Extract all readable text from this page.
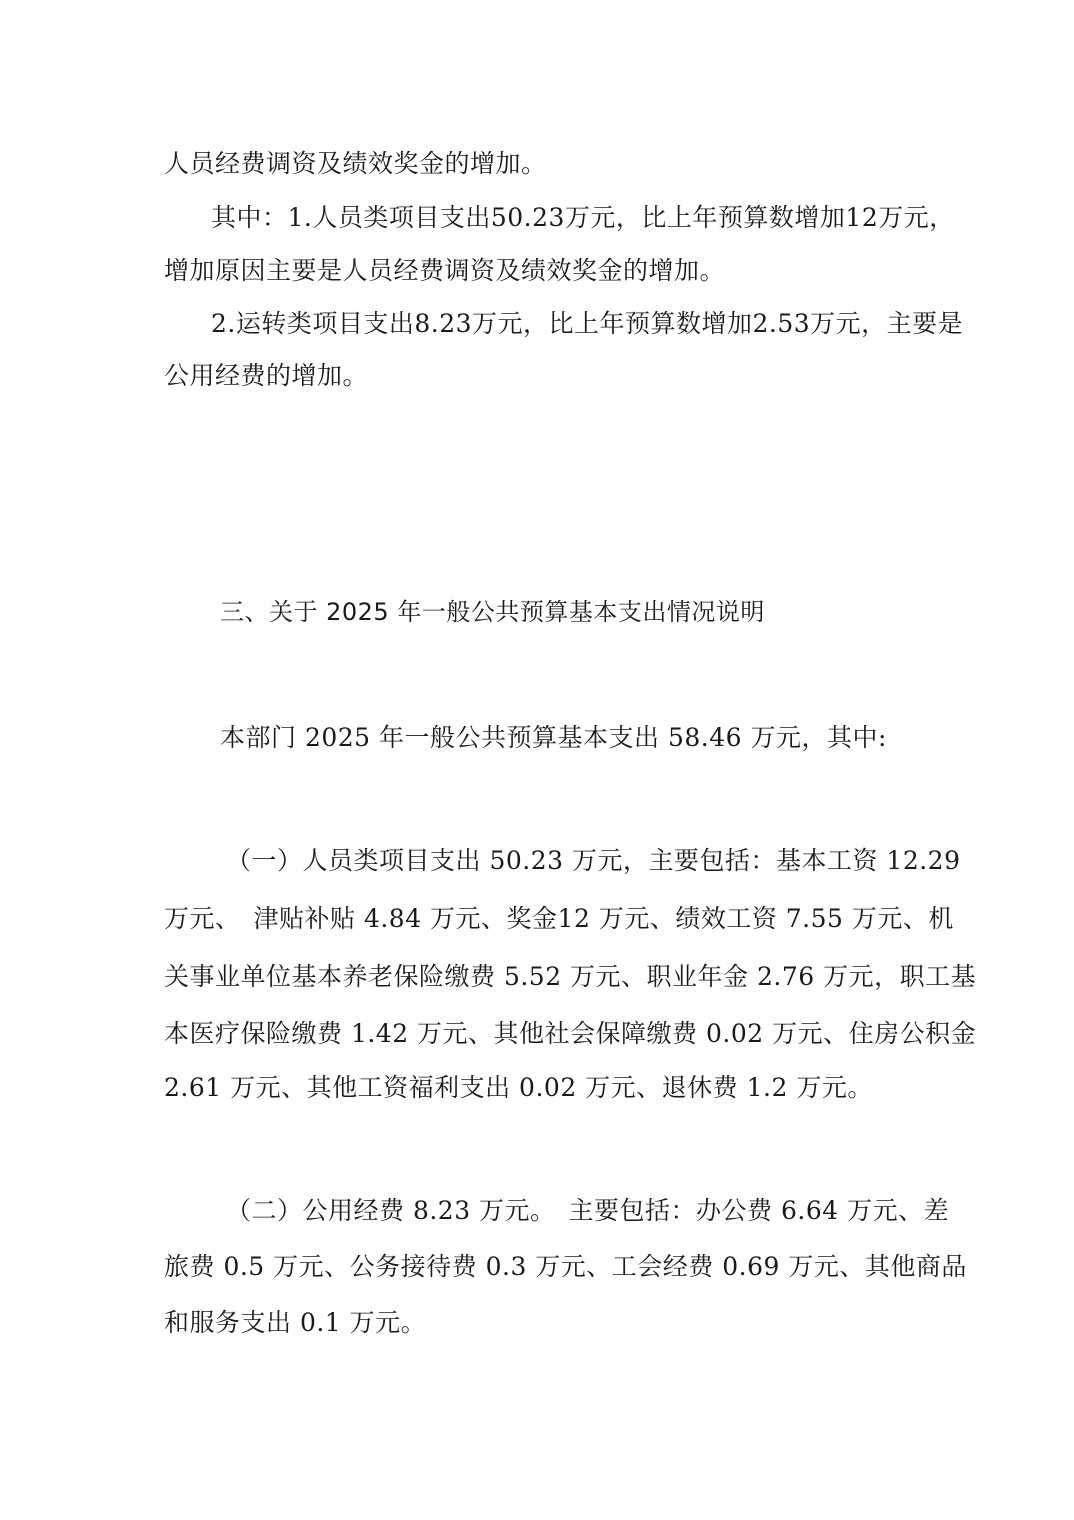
人员经费调资及绩效奖金的增加。
其中：1.人员类项目支出50.23万元，比上年预算数增加12万元，
增加原因主要是人员经费调资及绩效奖金的增加。
2.运转类项目支出8.23万元，比上年预算数增加2.53万元，主要是
公用经费的增加。
三、关于 2025 年一般公共预算基本支出情况说明
本部门 2025 年一般公共预算基本支出 58.46 万元，其中:
（一）人员类项目支出 50.23 万元，主要包括：基本工资 12.29
万元、　津贴补贴 4.84 万元、奖金12 万元、绩效工资 7.55 万元、机
关事业单位基本养老保险缴费 5.52 万元、职业年金 2.76 万元，职工基
本医疗保险缴费 1.42 万元、其他社会保障缴费 0.02 万元、住房公积金
2.61 万元、其他工资福利支出 0.02 万元、退休费 1.2 万元。
（二）公用经费 8.23 万元。　主要包括：办公费 6.64 万元、差
旅费 0.5 万元、公务接待费 0.3 万元、工会经费 0.69 万元、其他商品
和服务支出 0.1 万元。
